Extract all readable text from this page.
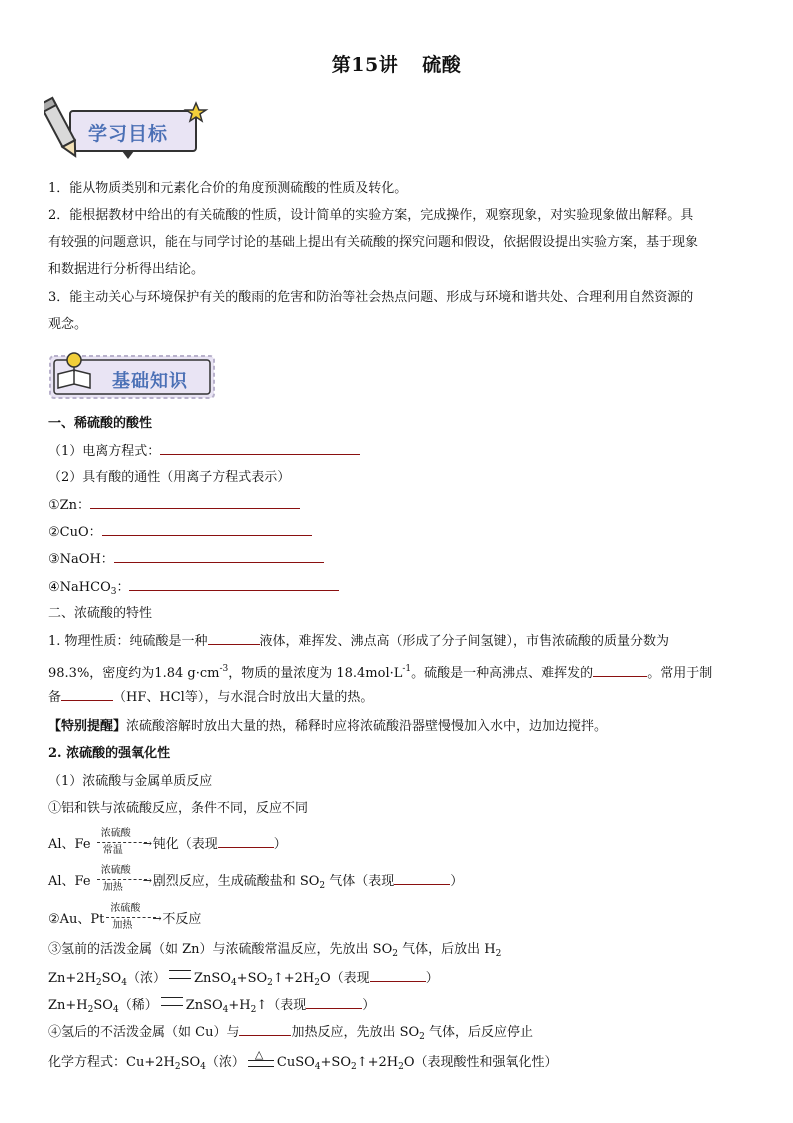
第15讲 硫酸
学习目标
1．能从物质类别和元素化合价的角度预测硫酸的性质及转化。
2．能根据教材中给出的有关硫酸的性质，设计简单的实验方案，完成操作，观察现象，对实验现象做出解释。具
有较强的问题意识，能在与同学讨论的基础上提出有关硫酸的探究问题和假设，依据假设提出实验方案，基于现象
和数据进行分析得出结论。
3．能主动关心与环境保护有关的酸雨的危害和防治等社会热点问题、形成与环境和谐共处、合理利用自然资源的
观念。
基础知识
一、稀硫酸的酸性
（1）电离方程式：
（2）具有酸的通性（用离子方程式表示）
①Zn：
②CuO：
③NaOH：
④NaHCO$_3$：
二、浓硫酸的特性
1. 物理性质：纯硫酸是一种	液体，难挥发、沸点高（形成了分子间氢键），市售浓硫酸的质量分数为
98.3%，密度约为1.84 $g\cdot cm^{-3}$，物质的量浓度为 $18.4mol\cdot L^{-1}$。硫酸是一种高沸点、难挥发的	。常用于制
备	（HF、HCl等），与水混合时放出大量的热。
【特别提醒】浓硫酸溶解时放出大量的热，稀释时应将浓硫酸沿器壁慢慢加入水中，边加边搅拌。
2. 浓硫酸的强氧化性
（1）浓硫酸与金属单质反应
①铝和铁与浓硫酸反应，条件不同，反应不同
Al、Fe
浓硫酸
→
常温 钝化（表现	）
Al、Fe
浓硫酸
→
加热 剧烈反应，生成硫酸盐和 $SO_2$ 气体（表现	）
②Au、Pt
浓硫酸
→
加热 不反应
③氢前的活泼金属（如 Zn）与浓硫酸常温反应，先放出 $SO_2$ 气体，后放出 $H_2$
$Zn+2H_2SO_4$（浓） $ZnSO_4+SO_2↑+2H_2O$（表现	）
$Zn+H_2SO_4$（稀） $ZnSO_4+H_2↑$（表现	）
④氢后的不活泼金属（如 Cu）与	加热反应，先放出 $SO_2$ 气体，后反应停止
化学方程式：$Cu+2H_2SO_4$（浓）
△
$CuSO_4+SO_2↑+2H_2O$（表现酸性和强氧化性）
